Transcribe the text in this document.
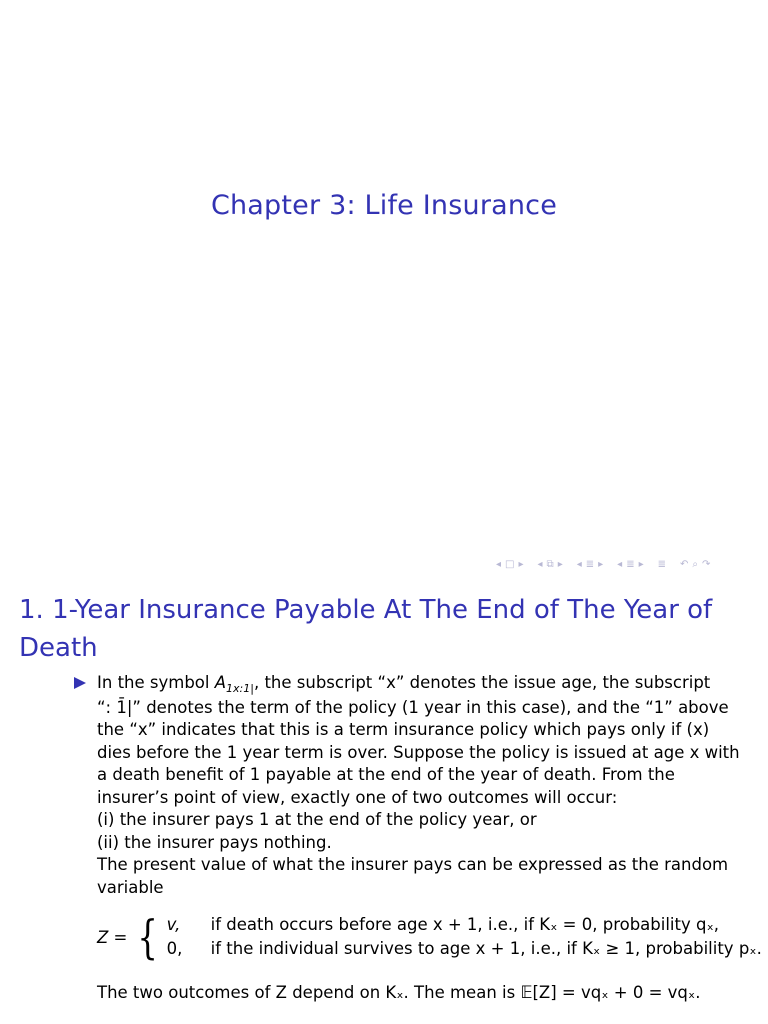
Chapter 3: Life Insurance
◂ □ ▸ ◂ ⧉ ▸ ◂ ≣ ▸ ◂ ≣ ▸ ≣ ↶ ⌕ ↷
1. 1-Year Insurance Payable At The End of The Year of
Death
In the symbol $A_{1x:1|}$, the subscript “x” denotes the issue age, the subscript
“: 1̄|” denotes the term of the policy (1 year in this case), and the “1” above
the “x” indicates that this is a term insurance policy which pays only if (x)
dies before the 1 year term is over. Suppose the policy is issued at age x with
a death benefit of 1 payable at the end of the year of death. From the
insurer’s point of view, exactly one of two outcomes will occur:
(i) the insurer pays 1 at the end of the policy year, or
(ii) the insurer pays nothing.
The present value of what the insurer pays can be expressed as the random
variable
Z = { v,	if death occurs before age x + 1, i.e., if Kₓ = 0, probability qₓ,
0,	if the individual survives to age x + 1, i.e., if Kₓ ≥ 1, probability pₓ.
The two outcomes of Z depend on Kₓ. The mean is 𝔼[Z] = vqₓ + 0 = vqₓ.
